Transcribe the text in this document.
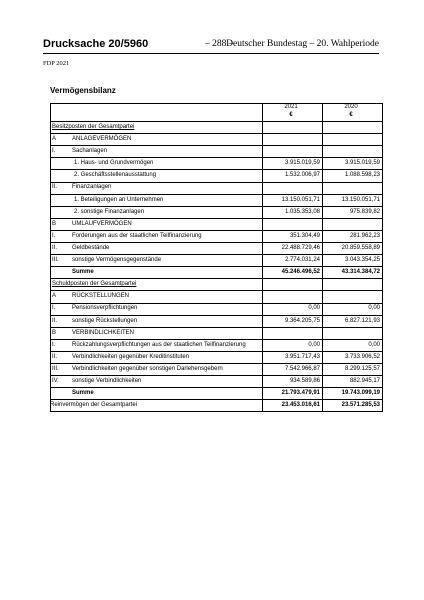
Drucksache 20/5960	– 288 –
Deutscher Bundestag – 20. Wahlperiode
FDP 2021
Vermögensbilanz
2021	2020
€	€
Besitzposten der Gesamtpartei
A	ANLAGEVERMÖGEN
I.	Sachanlagen
1. Haus- und Grundvermögen	3.915.019,59	3.915.019,59
2. Geschäftsstellenausstattung	1.532.006,97	1.088.598,23
II. Finanzanlagen
1. Beteiligungen an Unternehmen	13.150.051,71	13.150.051,71
2. sonstige Finanzanlagen	1.035.353,08	975.839,82
B	UMLAUFVERMÖGEN
I.	Forderungen aus der staatlichen Teilfinanzierung	351.304,49	281.962,23
II. Geldbestände	22.488.729,46	20.859.558,89
III. sonstige Vermögensgegenstände	2.774.031,24	3.043.354,25
Summe	45.246.496,52	43.314.384,72
Schuldposten der Gesamtpartei
A	RÜCKSTELLUNGEN
I.	Pensionsverpflichtungen	0,00	0,00
II. sonstige Rückstellungen	9.364.205,75	6.827.121,93
B	VERBINDLICHKEITEN
I.	Rückzahlungsverpflichtungen aus der staatlichen Teilfinanzierung	0,00	0,00
II. Verbindlichkeiten gegenüber Kreditinstituten	3.951.717,43	3.733.906,52
III. Verbindlichkeiten gegenüber sonstigen Darlehensgebern	7.542.966,87	8.299.125,57
IV. sonstige Verbindlichkeiten	934.589,86	882.945,17
Summe	21.793.479,91	19.743.099,19
Reinvermögen der Gesamtpartei	23.453.016,61	23.571.285,53
